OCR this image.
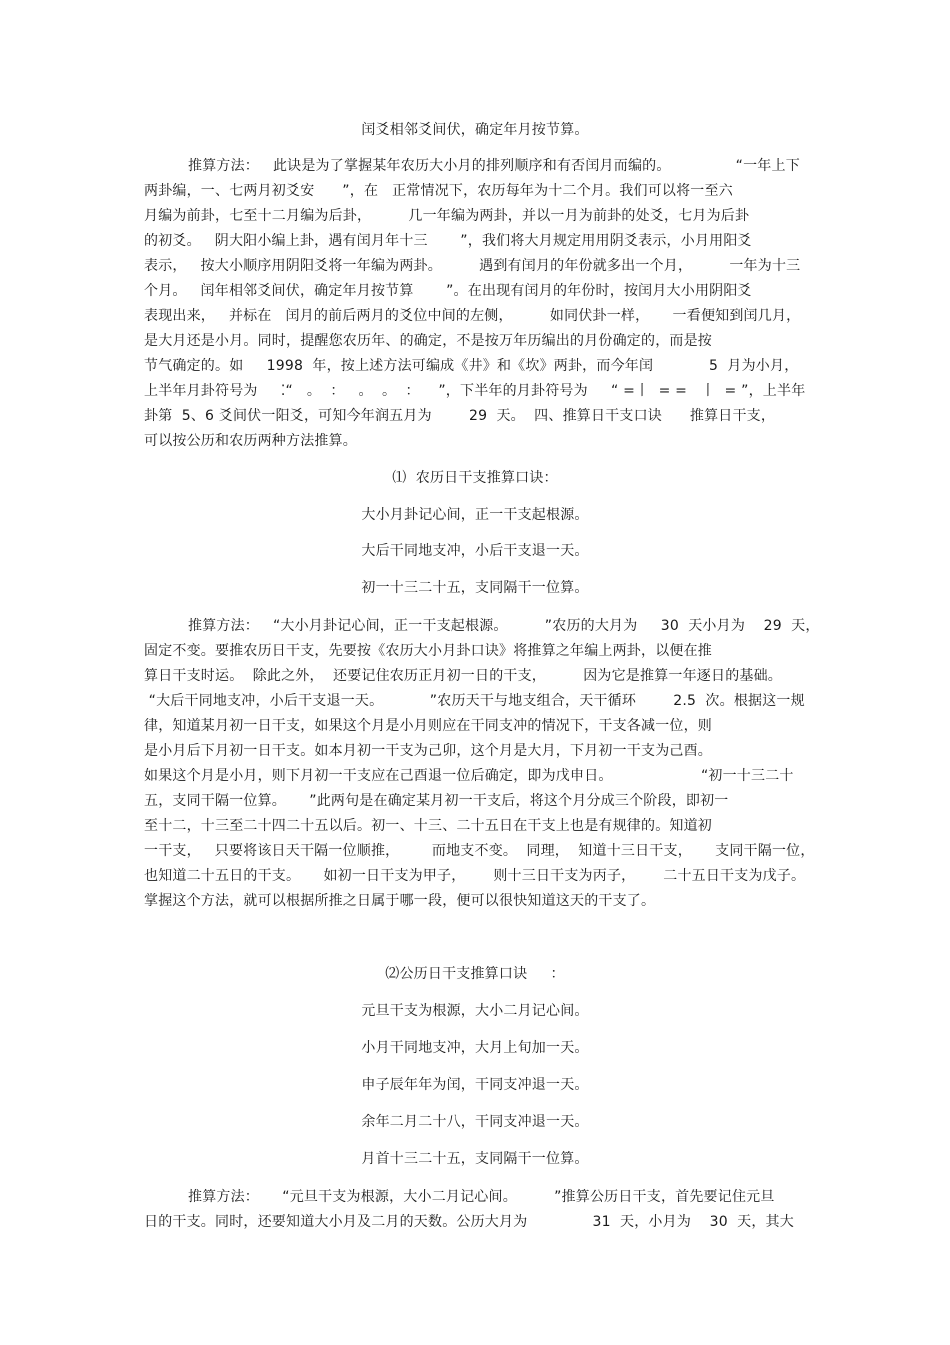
闰爻相邻爻间伏，确定年月按节算。
推算方法：   此诀是为了掌握某年农历大小月的排列顺序和有否闰月而编的。              “一年上下
两卦编，一、七两月初爻安      ”，在   正常情况下，农历每年为十二个月。我们可以将一至六
月编为前卦，七至十二月编为后卦，        几一年编为两卦，并以一月为前卦的处爻，七月为后卦
的初爻。   阴大阳小编上卦，遇有闰月年十三       ”，我们将大月规定用用阴爻表示，小月用阳爻
表示，   按大小顺序用阴阳爻将一年编为两卦。        遇到有闰月的年份就多出一个月，        一年为十三
个月。   闰年相邻爻间伏，确定年月按节算       ”。在出现有闰月的年份时，按闰月大小用阴阳爻
表现出来，   并标在   闰月的前后两月的爻位中间的左侧，        如同伏卦一样，     一看便知到闰几月，
是大月还是小月。同时，提醒您农历年、的确定，不是按万年历编出的月份确定的，而是按
节气确定的。如     1998  年，按上述方法可编成《井》和《坎》两卦，而今年闰            5  月为小月，
上半年月卦符号为     ⁚“   。  ：   。  。  ：    ”，下半年的月卦符号为     “ =丨  = =   丨  = ”，上半年
卦第  5、6 爻间伏一阳爻，可知今年润五月为        29  天。  四、推算日干支口诀      推算日干支，
可以按公历和农历两种方法推算。
⑴  农历日干支推算口诀：
大小月卦记心间，正一干支起根源。
大后干同地支冲，小后干支退一天。
初一十三二十五，支同隔干一位算。
推算方法：   “大小月卦记心间，正一干支起根源。        ”农历的大月为     30  天小月为    29  天，
固定不变。要推农历日干支，先要按《农历大小月卦口诀》将推算之年编上两卦，以便在推
算日干支时运。  除此之外，  还要记住农历正月初一日的干支，        因为它是推算一年逐日的基础。
“大后干同地支冲，小后干支退一天。          ”农历天干与地支组合，天干循环        2.5  次。根据这一规
律，知道某月初一日干支，如果这个月是小月则应在干同支冲的情况下，干支各减一位，则
是小月后下月初一日干支。如本月初一干支为己卯，这个月是大月，下月初一干支为己酉。
如果这个月是小月，则下月初一干支应在己酉退一位后确定，即为戊申日。                   “初一十三二十
五，支同干隔一位算。     ”此两句是在确定某月初一干支后，将这个月分成三个阶段，即初一
至十二，十三至二十四二十五以后。初一、十三、二十五日在干支上也是有规律的。知道初
一干支，   只要将该日天干隔一位顺推，       而地支不变。  同理，  知道十三日干支，     支同干隔一位，
也知道二十五日的干支。     如初一日干支为甲子，      则十三日干支为丙子，      二十五日干支为戊子。
掌握这个方法，就可以根据所推之日属于哪一段，便可以很快知道这天的干支了。
⑵公历日干支推算口诀     ：
元旦干支为根源，大小二月记心间。
小月干同地支冲，大月上旬加一天。
申子辰年年为闰，干同支冲退一天。
余年二月二十八，干同支冲退一天。
月首十三二十五，支同隔干一位算。
推算方法：     “元旦干支为根源，大小二月记心间。        ”推算公历日干支，首先要记住元旦
日的干支。同时，还要知道大小月及二月的天数。公历大月为              31  天，小月为    30  天，其大
